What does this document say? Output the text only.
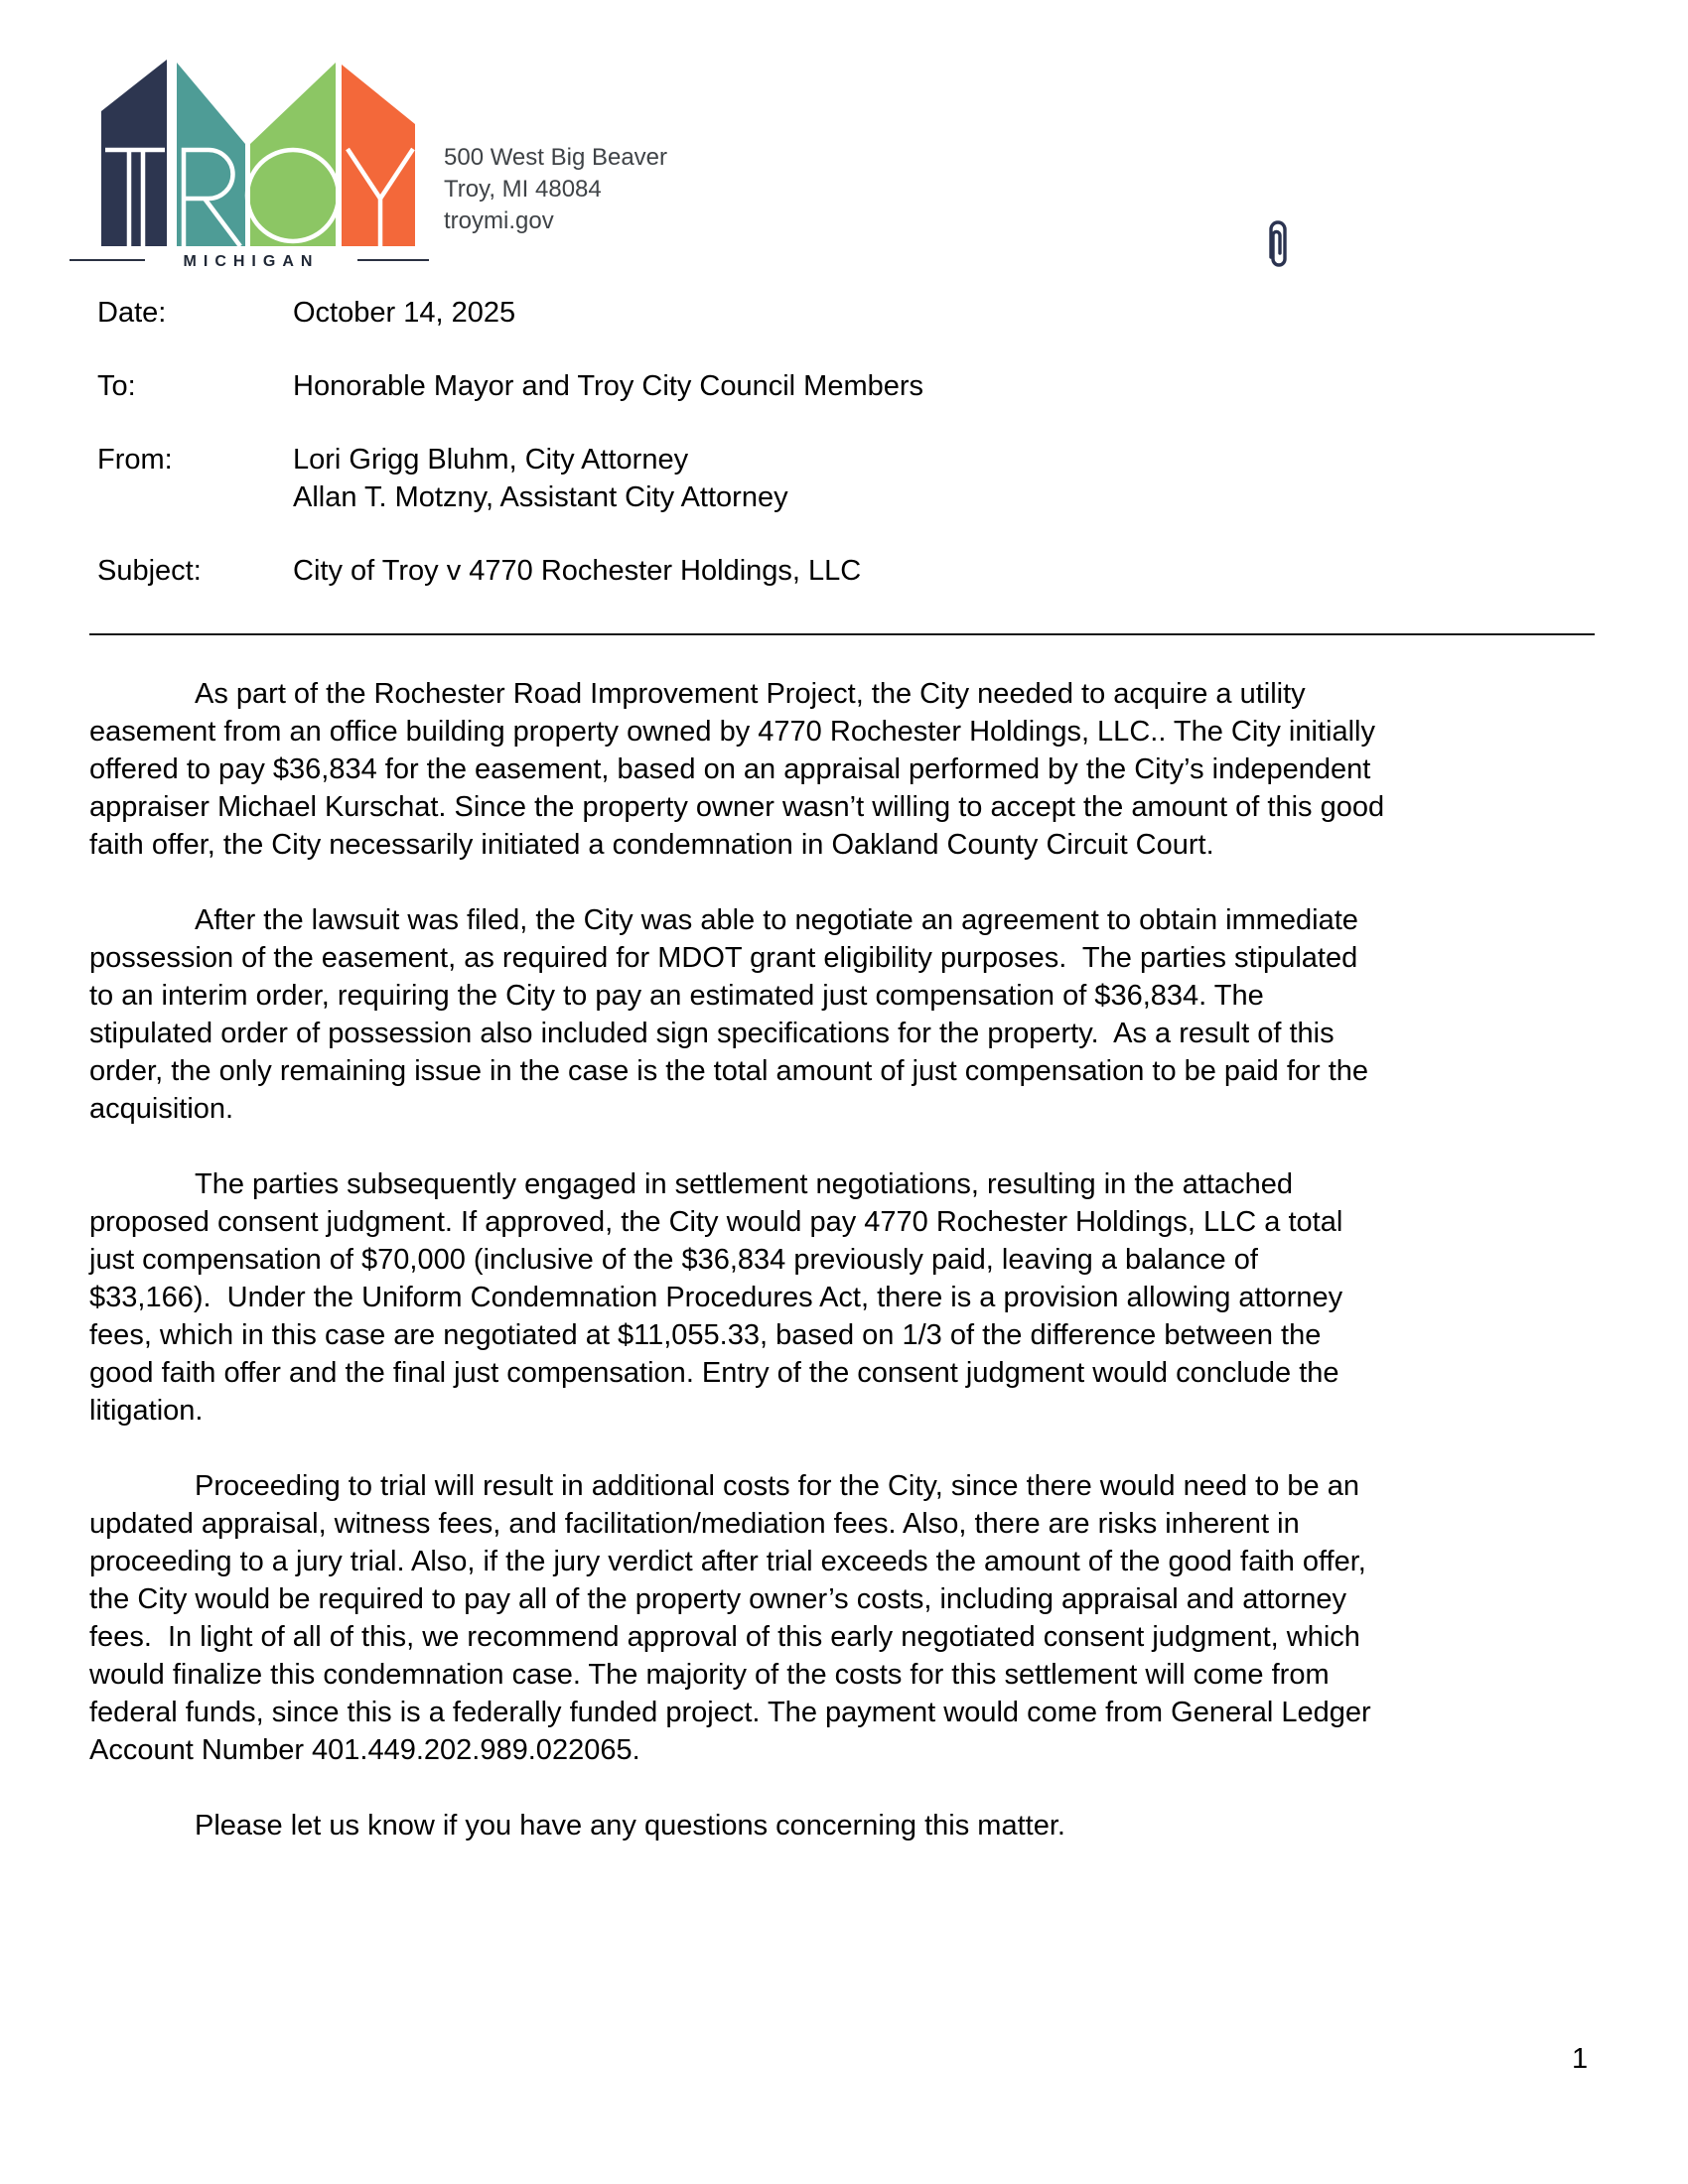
MICHIGAN
500 West Big Beaver
Troy, MI 48084
troymi.gov
Date:	October 14, 2025
To:	Honorable Mayor and Troy City Council Members
From:	Lori Grigg Bluhm, City Attorney
Allan T. Motzny, Assistant City Attorney
Subject:	City of Troy v 4770 Rochester Holdings, LLC
As part of the Rochester Road Improvement Project, the City needed to acquire a utility
easement from an office building property owned by 4770 Rochester Holdings, LLC.. The City initially
offered to pay $36,834 for the easement, based on an appraisal performed by the City’s independent
appraiser Michael Kurschat. Since the property owner wasn’t willing to accept the amount of this good
faith offer, the City necessarily initiated a condemnation in Oakland County Circuit Court.
After the lawsuit was filed, the City was able to negotiate an agreement to obtain immediate
possession of the easement, as required for MDOT grant eligibility purposes.  The parties stipulated
to an interim order, requiring the City to pay an estimated just compensation of $36,834. The
stipulated order of possession also included sign specifications for the property.  As a result of this
order, the only remaining issue in the case is the total amount of just compensation to be paid for the
acquisition.
The parties subsequently engaged in settlement negotiations, resulting in the attached
proposed consent judgment. If approved, the City would pay 4770 Rochester Holdings, LLC a total
just compensation of $70,000 (inclusive of the $36,834 previously paid, leaving a balance of
$33,166).  Under the Uniform Condemnation Procedures Act, there is a provision allowing attorney
fees, which in this case are negotiated at $11,055.33, based on 1/3 of the difference between the
good faith offer and the final just compensation. Entry of the consent judgment would conclude the
litigation.
Proceeding to trial will result in additional costs for the City, since there would need to be an
updated appraisal, witness fees, and facilitation/mediation fees. Also, there are risks inherent in
proceeding to a jury trial. Also, if the jury verdict after trial exceeds the amount of the good faith offer,
the City would be required to pay all of the property owner’s costs, including appraisal and attorney
fees.  In light of all of this, we recommend approval of this early negotiated consent judgment, which
would finalize this condemnation case. The majority of the costs for this settlement will come from
federal funds, since this is a federally funded project. The payment would come from General Ledger
Account Number 401.449.202.989.022065.
Please let us know if you have any questions concerning this matter.
1
